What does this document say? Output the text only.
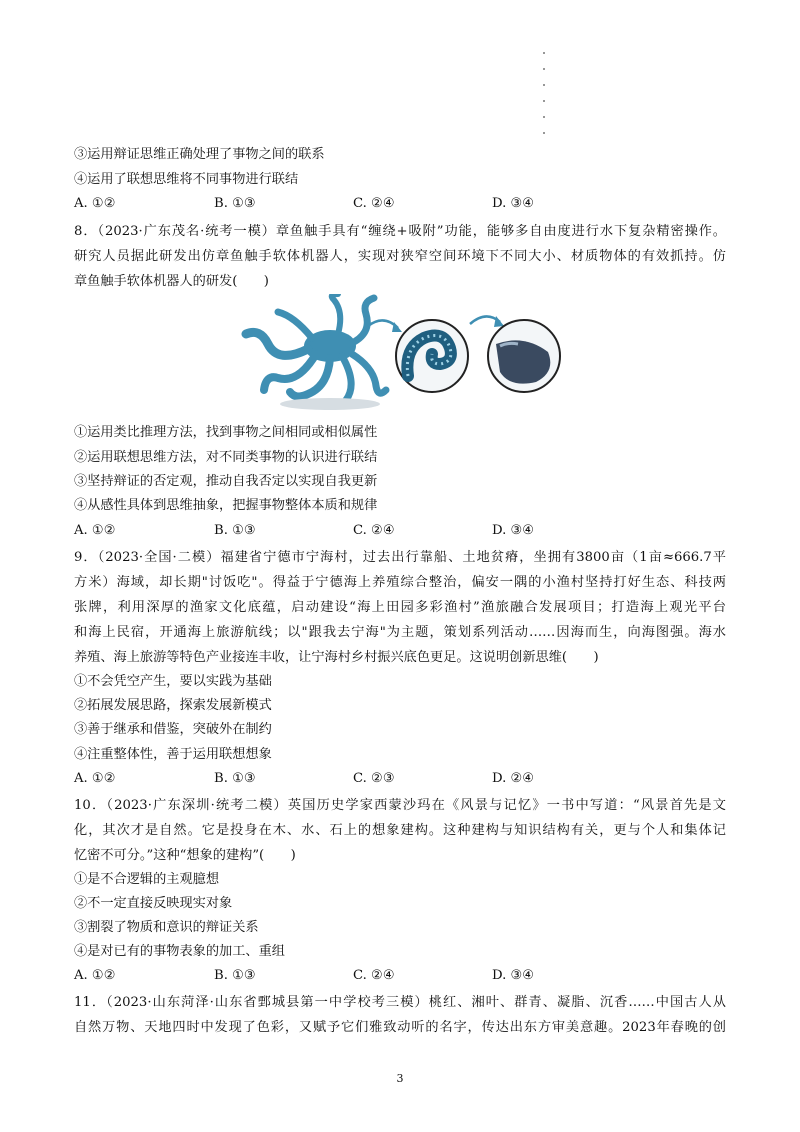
③运用辩证思维正确处理了事物之间的联系
④运用了联想思维将不同事物进行联结
A. ①②	B. ①③	C. ②④	D. ③④
8．（2023·广东茂名·统考一模）章鱼触手具有“缠绕+吸附”功能，能够多自由度进行水下复杂精密操作。
研究人员据此研发出仿章鱼触手软体机器人，实现对狭窄空间环境下不同大小、材质物体的有效抓持。仿
章鱼触手软体机器人的研发(　　)
①运用类比推理方法，找到事物之间相同或相似属性
②运用联想思维方法，对不同类事物的认识进行联结
③坚持辩证的否定观，推动自我否定以实现自我更新
④从感性具体到思维抽象，把握事物整体本质和规律
A. ①②	B. ①③	C. ②④	D. ③④
9．（2023·全国·二模）福建省宁德市宁海村，过去出行靠船、土地贫瘠，坐拥有3800亩（1亩≈666.7平
方米）海域，却长期"讨饭吃"。得益于宁德海上养殖综合整治，偏安一隅的小渔村坚持打好生态、科技两
张牌，利用深厚的渔家文化底蕴，启动建设“海上田园多彩渔村”渔旅融合发展项目；打造海上观光平台
和海上民宿，开通海上旅游航线；以"跟我去宁海"为主题，策划系列活动……因海而生，向海图强。海水
养殖、海上旅游等特色产业接连丰收，让宁海村乡村振兴底色更足。这说明创新思维(　　)
①不会凭空产生，要以实践为基础
②拓展发展思路，探索发展新模式
③善于继承和借鉴，突破外在制约
④注重整体性，善于运用联想想象
A. ①②	B. ①③	C. ②③	D. ②④
10．（2023·广东深圳·统考二模）英国历史学家西蒙沙玛在《风景与记忆》一书中写道：“风景首先是文
化，其次才是自然。它是投身在木、水、石上的想象建构。这种建构与知识结构有关，更与个人和集体记
忆密不可分。”这种“想象的建构”(　　)
①是不合逻辑的主观臆想
②不一定直接反映现实对象
③割裂了物质和意识的辩证关系
④是对已有的事物表象的加工、重组
A. ①②	B. ①③	C. ②④	D. ③④
11．（2023·山东菏泽·山东省鄄城县第一中学校考三模）桃红、湘叶、群青、凝脂、沉香……中国古人从
自然万物、天地四时中发现了色彩，又赋予它们雅致动听的名字，传达出东方审美意趣。2023年春晚的创
3
